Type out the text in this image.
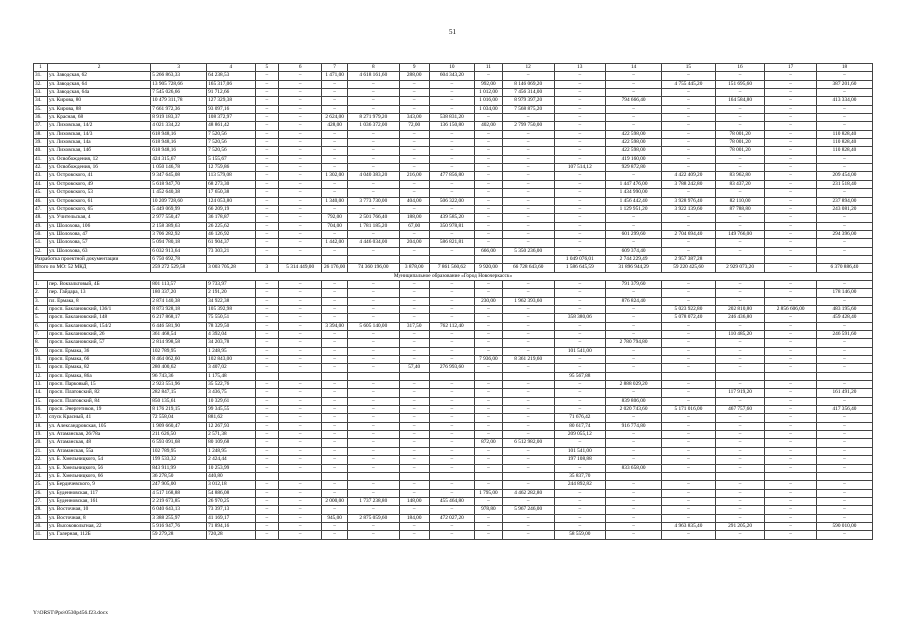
51
1	2	3	4	5	6	7	8	9	10	11	12	13	14	15	16	17	18
31.	ул. Заводская, 62	5 266 863,33	64 238,53	–	–	1 471,00	4 618 161,60	288,00	604 343,20	–	–	–	–	–	–	–	–
32.	ул. Заводская, 64	13 905 728,66	165 317,06	–	–	–	–	–	–	992,00	8 146 069,20	–	–	4 755 445,20	151 695,60	–	387 201,60
33.	ул. Заводская, 64а	7 545 026,66	91 712,66	–	–	–	–	–	–	1 012,00	7 456 314,00	–	–	–	–	–	–
34.	ул. Кирова, 80	10 479 311,78	127 329,38	–	–	–	–	–	–	1 016,00	8 979 397,20	–	794 666,40	–	164 584,80	–	413 334,00
35.	ул. Кирова, 88	7 661 972,36	93 097,16	–	–	–	–	–	–	1 034,00	7 568 875,20	–	–	–	–	–	–
36.	ул. Красная, 68	8 919 183,37	108 372,97	–	–	2 624,00	8 271 979,20	343,00	538 831,20	–	–	–	–	–	–	–	–
37.	ул. Лиховская, 14/2	4 021 334,22	48 861,42	–	–	428,00	1 036 372,00	72,00	136 150,80	402,00	2 799 750,00	–	–	–	–	–	–
38.	ул. Лиховская, 14/3	618 948,16	7 520,56	–	–	–	–	–	–	–	–	–	422 598,00	–	78 001,20	–	110 828,40
39.	ул. Лиховская, 14а	618 948,16	7 520,56	–	–	–	–	–	–	–	–	–	422 598,00	–	78 001,20	–	110 828,40
40.	ул. Лиховская, 14б	618 948,16	7 520,56	–	–	–	–	–	–	–	–	–	422 598,00	–	78 001,20	–	110 828,40
41.	ул. Освобождения, 12	424 315,67	5 155,67	–	–	–	–	–	–	–	–	–	419 160,00	–	–	–	–
42.	ул. Освобождения, 16	1 050 146,78	12 759,86	–	–	–	–	–	–	–	–	107 514,12	929 872,80	–	–	–	–
43.	ул. Островского, 41	9 347 645,08	113 579,08	–	–	1 302,00	4 040 383,20	216,00	477 856,80	–	–	–	–	4 422 409,20	83 962,80	–	209 454,00
44.	ул. Островского, 49	5 618 947,70	68 273,30	–	–	–	–	–	–	–	–	–	1 447 476,00	3 788 242,80	83 437,20	–	231 518,40
45.	ул. Островского, 53	1 452 640,38	17 650,38	–	–	–	–	–	–	–	–	–	1 434 990,00	–	–	–	–
46.	ул. Островского, 61	10 209 728,60	124 053,80	–	–	1 340,00	3 773 730,00	404,00	506 322,00	–	–	–	1 456 442,40	3 928 976,40	82 110,00	–	237 894,00
47.	ул. Островского, 65	5 449 069,99	66 209,19	–	–	–	–	–	–	–	–	–	1 129 951,20	3 922 139,60	87 788,80	–	243 081,20
48.	ул. Учительская, 4	2 977 550,47	36 178,87	–	–	792,00	2 501 766,40	188,00	439 585,20	–	–	–	–	–	–	–	–
49.	ул. Шолохова, 106	2 158 389,63	26 225,62	–	–	704,00	1 781 185,20	67,00	350 978,81	–	–	–	–	–	–	–	–
50.	ул. Шолохова, 47	3 706 282,92	46 126,92	–	–	–	–	–	–	–	–	–	601 299,60	2 704 694,40	149 766,00	–	294 396,00
51.	ул. Шолохова, 57	5 094 780,18	61 904,37	–	–	1 442,00	4 446 034,00	204,00	586 821,81	–	–	–	–	–	–	–	–
52.	ул. Шолохова, 63	6 032 913,64	73 303,21	–	–	–	–	–	–	666,00	5 350 236,00	–	609 374,40	–	–	–	–
Разработка проектной документации		6 750 692,78										1 049 076,01	2 744 229,49	2 957 387,28			
Итого по МО: 52 МКД		259 272 529,58	3 003 705,28	3	5 314 449,00	26 176,00	74 360 196,00	3 878,00	7 861 560,62	9 920,00	66 728 643,60	1 586 645,59	31 896 944,29	59 220 425,60	2 929 073,20	–	6 370 886,40
Муниципальное образование «Город Новочеркасск»																	
1.	пер. Вокзальтовый, 4Б	801 113,57	9 733,97	–	–	–	–	–	–	–	–	–	791 379,60	–	–	–	–
2.	пер. Гайдара, 13	180 337,20	2 191,20	–	–	–	–	–	–	–	–	–	–	–	–	–	178 146,00
3.	пл. Ермака, 8	2 874 140,38	34 922,38	–	–	–	–	–	–	230,00	1 962 393,60	–	876 824,40	–	–	–	–
4.	просп. Баклановский, 136/1	8 873 928,18	105 392,98	–	–	–	–	–	–	–	–	–	–	5 023 922,80	202 810,80	2 856 606,00	483 195,60
5.	просп. Баклановский, 148	6 217 868,17	75 550,51	–	–	–	–	–	–	–	–	358 380,06	–	5 078 072,40	246 436,80	–	459 428,40
6.	просп. Баклановский, 154/2	6 446 581,90	78 329,50	–	–	3 394,00	5 605 140,00	317,50	762 112,40	–	–	–	–	–	–	–	–
7.	просп. Баклановский, 26	361 468,54	4 392,04	–	–	–	–	–	–	–	–	–	–	–	110 485,20	–	246 591,60
8.	просп. Баклановский, 57	2 814 998,58	34 203,78	–	–	–	–	–	–	–	–	–	2 780 794,80	–	–	–	–
9.	просп. Ермака, 36	102 789,95	1 248,95	–	–	–	–	–	–	–	–	101 541,00	–	–	–	–	–
10.	просп. Ермака, 66	8 464 062,60	102 843,00	–	–	–	–	–	–	7 936,00	8 361 219,60	–	–	–	–	–	–
11.	просп. Ермака, 82	280 400,62	3 407,02	–	–	–	–	57,40	276 993,60	–	–	–	–	–	–	–	–
12.	просп. Ермака, 86а	96 743,36	1 175,48									95 567,88					
13.	просп. Парковый, 15	2 923 551,96	35 522,76	–	–	–	–	–	–	–	–	–	2 888 029,20	–	–	–	–
14.	просп. Платовский, 82	282 847,15	3 436,75	–	–	–	–	–	–	–	–	–	–	–	117 919,20	–	161 491,20
15.	просп. Платовский, 84	850 135,61	10 329,61	–	–	–	–	–	–	–	–	–	839 806,00	–	–	–	–
16.	просп. Энергетиков, 19	8 176 219,15	99 345,55	–	–	–	–	–	–	–	–	–	2 020 743,60	5 171 016,00	467 757,60	–	417 356,40
17.	спуск Красный, 41	72 558,04	881,62	–	–	–	–	–	–	–	–	71 676,42	–	–	–	–	–
18.	ул. Александровская, 105	1 909 660,47	12 267,93	–	–	–	–	–	–	–	–	80 617,74	916 774,80	–	–	–	–
19.	ул. Атаманская, 26/78а	211 626,50	2 571,38	–	–	–	–	–	–	–	–	209 055,12	–	–	–	–	–
20.	ул. Атаманская, 48	6 593 091,68	80 109,68	–	–	–	–	–	–	872,00	6 512 982,00	–	–	–	–	–	–
21.	ул. Атаманская, 55а	102 789,95	1 248,95	–	–	–	–	–	–	–	–	101 541,00	–	–	–	–	–
22.	ул. Б. Хмельницкого, 54	199 533,32	2 424,44	–	–	–	–	–	–	–	–	197 108,88	–	–	–	–	–
23.	ул. Б. Хмельницкого, 56	843 911,99	10 253,99	–	–	–	–	–	–	–	–	–	833 658,00	–	–	–	–
24.	ул. Б. Хмельницкого, 66	36 278,50	440,80									35 837,70					
25.	ул. Бердичевского, 9	247 905,00	3 012,18	–	–	–	–	–	–	–	–	244 892,82	–	–	–	–	–
26.	ул. Буденновская, 117	4 517 168,88	54 886,08	–	–	–	–	–	–	1 795,00	4 462 282,80	–	–	–	–	–	–
27.	ул. Буденновская, 161	2 219 673,85	26 970,25	–	–	2 000,00	1 737 238,80	148,00	455 464,80	–	–	–	–	–	–	–	–
28.	ул. Восточная, 10	6 040 643,13	73 397,13	–	–	–	–	–	–	978,80	5 967 246,00	–	–	–	–	–	–
29.	ул. Восточная, 8	3 388 255,97	41 169,17	–	–	945,00	2 875 059,60	184,00	472 027,20	–	–	–	–	–	–	–	–
30.	ул. Высоковольтная, 22	5 916 947,76	71 894,16	–	–	–	–	–	–	–	–	–	–	4 963 835,40	291 205,20	–	590 010,00
31.	ул. Галерная, 112Б	59 279,28	720,28	–	–	–	–	–	–	–	–	58 559,00	–	–	–	–	–
Y:\ORST\Ppo\0530p456.f23.docx
